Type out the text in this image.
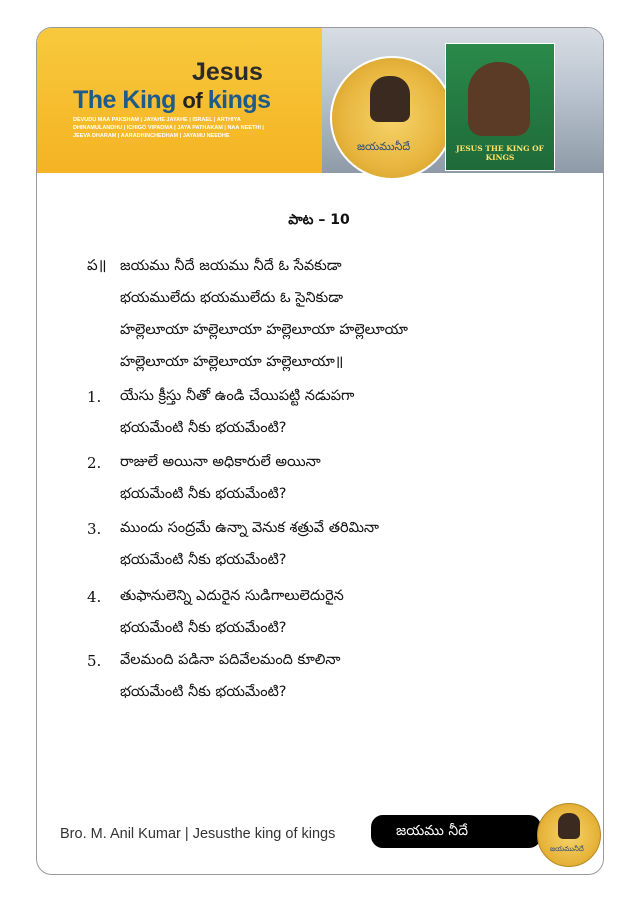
Jesus
The King of kings
DEVUDU MAA PAKSHAM | JAYAHE JAYAHE | ISRAEL | ARTHIYA
DHINAMULANDHU | ICHIGO VIPADMA | JAYA PATHAKAM | NAA NEETHI |
JEEVA DHARAM | AARADHINCHEDHAM | JAYAMU NEEDHE
జయమునీదే	JESUS THE KING OF KINGS
పాట – 10
ప॥ జయము నీదే జయము నీదే ఓ సేవకుడా
భయములేదు భయములేదు ఓ సైనికుడా
హల్లెలూయా హల్లెలూయా హల్లెలూయా హల్లెలూయా
హల్లెలూయా హల్లెలూయా హల్లెలూయా॥
1. యేసు క్రీస్తు నీతో ఉండి చేయిపట్టి నడుపగా
భయమేంటి నీకు భయమేంటి?
2. రాజులే అయినా అధికారులే అయినా
భయమేంటి నీకు భయమేంటి?
3. ముందు సంద్రమే ఉన్నా వెనుక శత్రువే తరిమినా
భయమేంటి నీకు భయమేంటి?
4. తుఫానులెన్ని ఎదురైన సుడిగాలులెదురైన
భయమేంటి నీకు భయమేంటి?
5. వేలమంది పడినా పదివేలమంది కూలినా
భయమేంటి నీకు భయమేంటి?
Bro. M. Anil Kumar | Jesusthe king of kings	జయము నీదే
జయమునీదే
